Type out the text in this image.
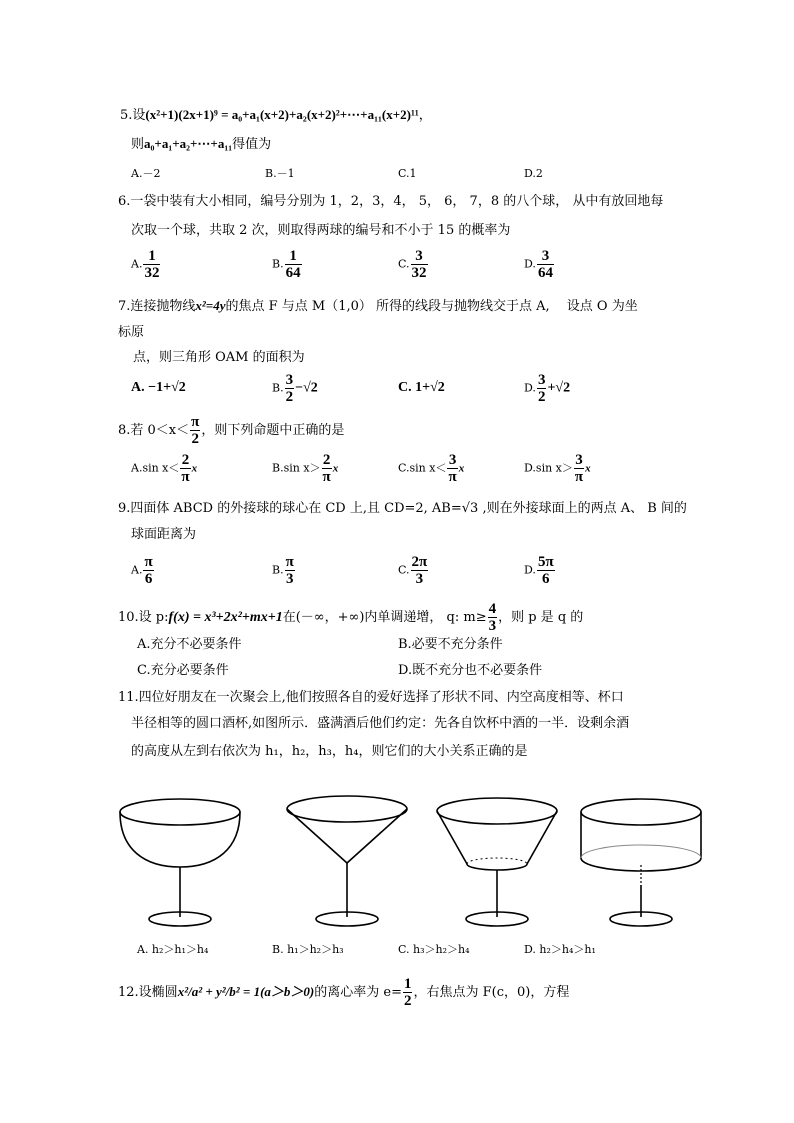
5.设(x²+1)(2x+1)⁹ = a₀+a₁(x+2)+a₂(x+2)²+⋯+a₁₁(x+2)¹¹，
则a₀+a₁+a₂+⋯+a₁₁得值为
A.－2	B.－1	C.1	D.2
6.一袋中装有大小相同，编号分别为 1，2，3，4， 5， 6， 7，8 的八个球， 从中有放回地每
次取一个球，共取 2 次，则取得两球的编号和不小于 15 的概率为
A. $\frac{1}{32}$	B. $\frac{1}{64}$	C. $\frac{3}{32}$	D. $\frac{3}{64}$
7.连接抛物线x²=4y的焦点 F 与点 M（1,0） 所得的线段与抛物线交于点 A,　 设点 O 为坐
标原
点，则三角形 OAM 的面积为
A. −1+√2	B. $\frac{3}{2} -√2$	C. 1+√2	D. $\frac{3}{2} +√2$
8.若 $0<x< \frac{\pi}{2}$ ，则下列命题中正确的是
A.sin $x< \frac{2}{\pi}$ x	B.sin $x> \frac{2}{\pi}$ x	C.sin $x< \frac{3}{\pi}$ x	D.sin $x> \frac{3}{\pi}$ x
9.四面体 ABCD 的外接球的球心在 CD 上,且 CD=2, AB=√3 ,则在外接球面上的两点 A、 B 间的
球面距离为
A. $\frac{\pi}{6}$	B. $\frac{\pi}{3}$	C. $\frac{2\pi}{3}$	D. $\frac{5\pi}{6}$
10.设 p:f(x) = x³+2x²+mx+1在(－∞，+∞)内单调递增， q: $m\ge \frac{4}{3}$ ，则 p 是 q 的
A.充分不必要条件	B.必要不充分条件
C.充分必要条件	D.既不充分也不必要条件
11.四位好朋友在一次聚会上,他们按照各自的爱好选择了形状不同、内空高度相等、杯口
半径相等的圆口酒杯,如图所示．盛满酒后他们约定：先各自饮杯中酒的一半．设剩余酒
的高度从左到右依次为 h₁，h₂，h₃，h₄，则它们的大小关系正确的是
A. h₂＞h₁＞h₄	B. h₁＞h₂＞h₃	C. h₃＞h₂＞h₄	D. h₂＞h₄＞h₁
12.设椭圆x²/a² + y²/b² = 1(a＞b＞0)的离心率为 $e= \frac{1}{2}$ ，右焦点为 F(c，0)，方程
